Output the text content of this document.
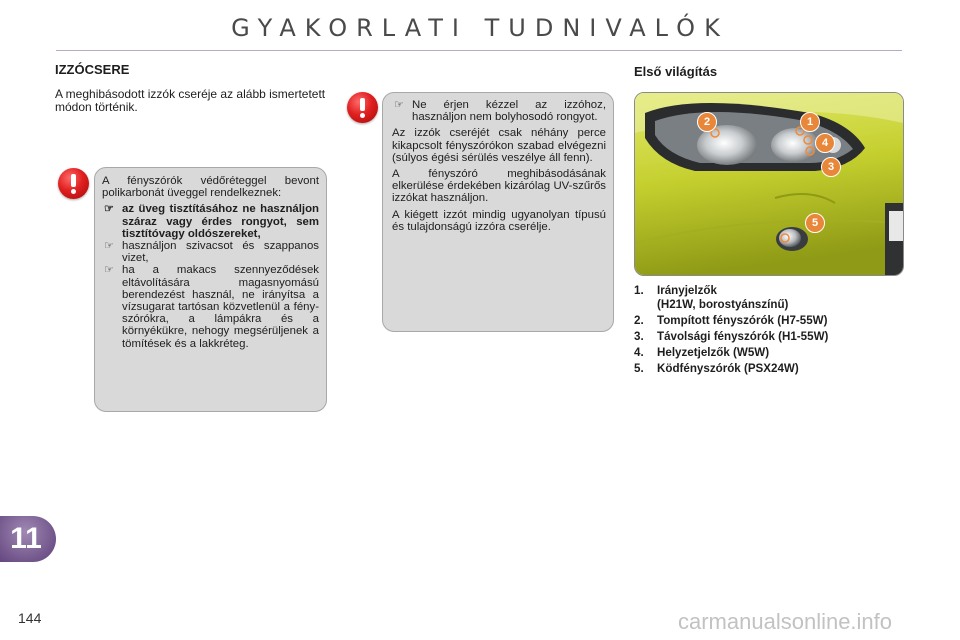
GYAKORLATI TUDNIVALÓK
IZZÓCSERE
A meghibásodott izzók cseréje az alább ismertetett módon történik.

A fényszórók védőréteggel bevont polikarbonát üveggel rendelkeznek:

☞ az üveg tisztításához ne használjon száraz vagy érdes rongyot, sem tisztítóvagy oldószereket,
☞ használjon szivacsot és szappanos vizet,
☞ ha a makacs szennyeződések eltávolítására magasnyomású berendezést használ, ne irányítsa a vízsugarat tartósan közvetlenül a fényszórókra, a lámpákra és a környékükre, nehogy megsérüljenek a tömítések és a lakkréteg.
☞ Ne érjen kézzel az izzóhoz, használjon nem bolyhosodó rongyot.

Az izzók cseréjét csak néhány perce kikapcsolt fényszórókon szabad elvégezni (súlyos égési sérülés veszélye áll fenn).

A fényszóró meghibásodásának elkerülése érdekében kizárólag UV-szűrős izzókat használjon.

A kiégett izzót mindig ugyanolyan típusú és tulajdonságú izzóra cserélje.

Első világítás
2	1
4
3
5
1. Irányjelzők
(H21W, borostyánszínű)
2. Tompított fényszórók (H7-55W)
3. Távolsági fényszórók (H1-55W)
4. Helyzetjelzők (W5W)
5. Ködfényszórók (PSX24W)
11
144	carmanualsonline.info
